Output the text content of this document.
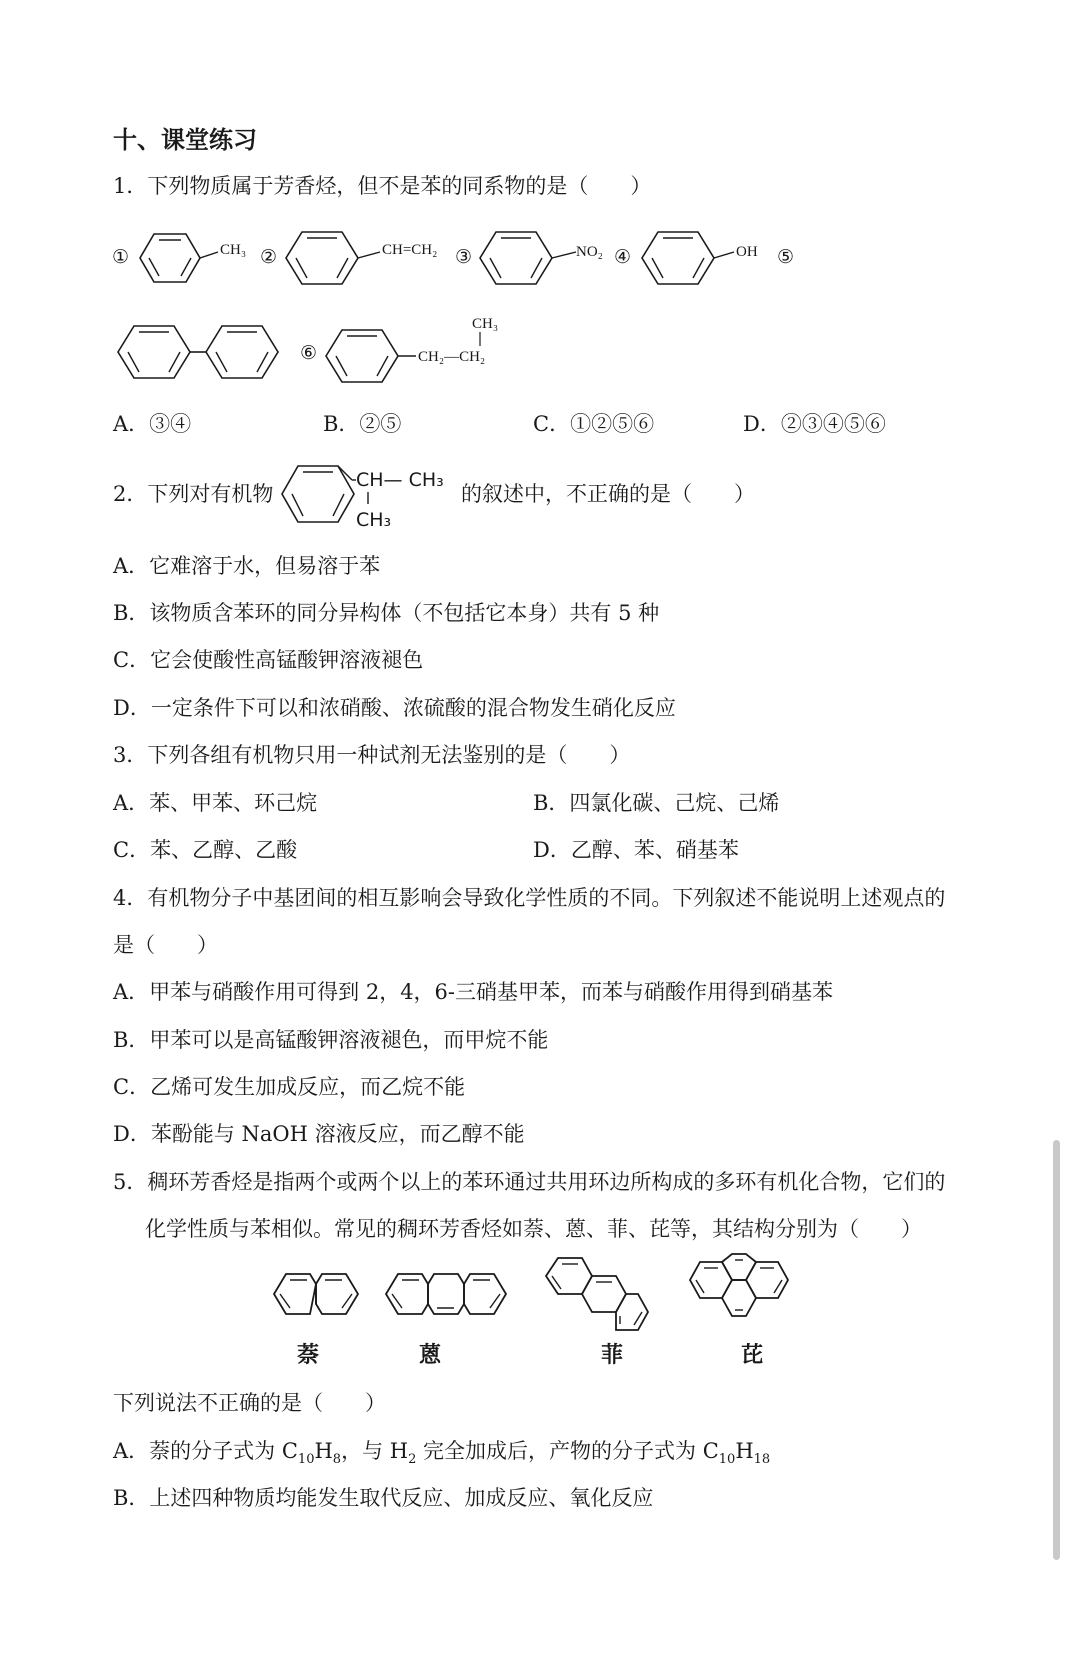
十、课堂练习
1．下列物质属于芳香烃，但不是苯的同系物的是（　　）
①	CH₃ ②	CH=CH₂ ③	NO₂ ④	OH ⑤
⑥
CH₃
CH₂—CH₂
A．③④	B．②⑤	C．①②⑤⑥	D．②③④⑤⑥
2．下列对有机物
CH— CH₃
CH₃
的叙述中，不正确的是（　　）
A．它难溶于水，但易溶于苯
B．该物质含苯环的同分异构体（不包括它本身）共有 5 种
C．它会使酸性高锰酸钾溶液褪色
D．一定条件下可以和浓硝酸、浓硫酸的混合物发生硝化反应
3．下列各组有机物只用一种试剂无法鉴别的是（　　）
A．苯、甲苯、环己烷	B．四氯化碳、己烷、己烯
C．苯、乙醇、乙酸	D．乙醇、苯、硝基苯
4．有机物分子中基团间的相互影响会导致化学性质的不同。下列叙述不能说明上述观点的
是（　　）
A．甲苯与硝酸作用可得到 2，4，6-三硝基甲苯，而苯与硝酸作用得到硝基苯
B．甲苯可以是高锰酸钾溶液褪色，而甲烷不能
C．乙烯可发生加成反应，而乙烷不能
D．苯酚能与 NaOH 溶液反应，而乙醇不能
5．稠环芳香烃是指两个或两个以上的苯环通过共用环边所构成的多环有机化合物，它们的
化学性质与苯相似。常见的稠环芳香烃如萘、蒽、菲、芘等，其结构分别为（　　）
萘	蒽	菲	芘
下列说法不正确的是（　　）
A．萘的分子式为 $C_{10}H_8$，与 $H_2$ 完全加成后，产物的分子式为 $C_{10}H_{18}$
B．上述四种物质均能发生取代反应、加成反应、氧化反应
